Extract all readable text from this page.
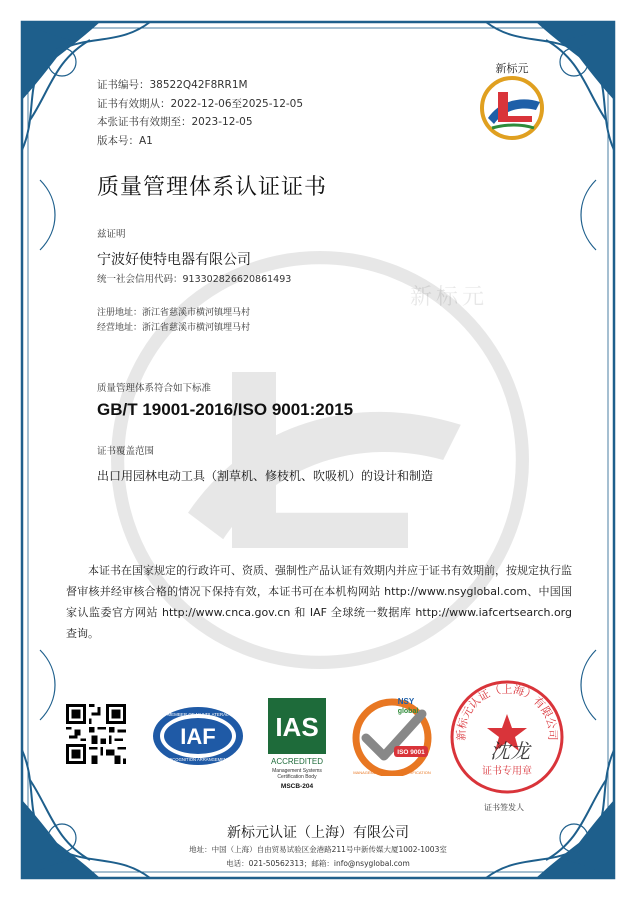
新标元
证书编号：38522Q42F8RR1M
证书有效期从：2022-12-06至2025-12-05
本张证书有效期至：2023-12-05
版本号：A1
新标元
质量管理体系认证证书
兹证明
宁波好使特电器有限公司
统一社会信用代码：913302826620861493
注册地址：浙江省慈溪市横河镇埋马村
经营地址：浙江省慈溪市横河镇埋马村
质量管理体系符合如下标准
GB/T 19001-2016/ISO 9001:2015
证书覆盖范围
出口用园林电动工具（割草机、修枝机、吹吸机）的设计和制造
本证书在国家规定的行政许可、资质、强制性产品认证有效期内并应于证书有效期前，按规定执行监督审核并经审核合格的情况下保持有效，本证书可在本机构网站 http://www.nsyglobal.com、中国国家认监委官方网站 http://www.cnca.gov.cn 和 IAF 全球统一数据库 http://www.iafcertsearch.org 查询。
MEMBER OF MULTILATERAL
IAF
RECOGNITION ARRANGEMENT
IAS
ACCREDITED
Management Systems
Certification Body
MSCB-204
NSY
global
ISO 9001
MANAGEMENT SYSTEM CERTIFICATION
新标元认证（上海）有限公司
证书专用章
沈龙
证书签发人
新标元认证（上海）有限公司
地址：中国（上海）自由贸易试验区金港路211号中新传媒大厦1002-1003室
电话：021-50562313；邮箱：info@nsyglobal.com
